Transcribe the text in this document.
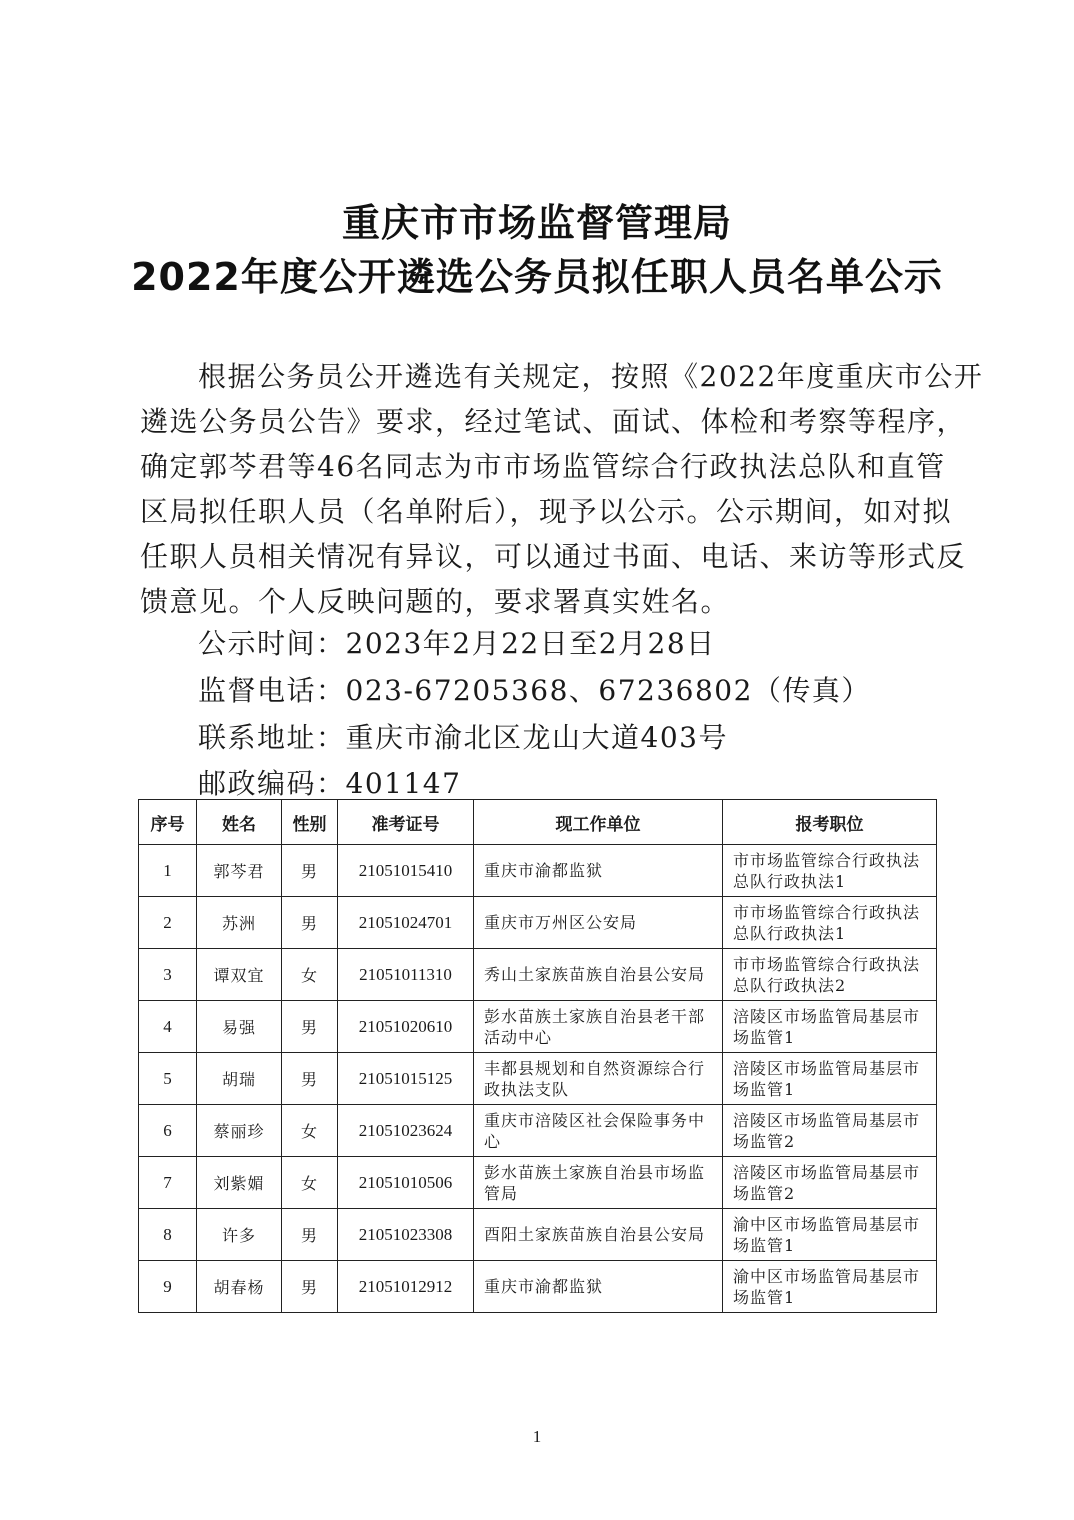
重庆市市场监督管理局
2022年度公开遴选公务员拟任职人员名单公示
根据公务员公开遴选有关规定，按照《2022年度重庆市公开
遴选公务员公告》要求，经过笔试、面试、体检和考察等程序，
确定郭芩君等46名同志为市市场监管综合行政执法总队和直管
区局拟任职人员（名单附后），现予以公示。公示期间，如对拟
任职人员相关情况有异议，可以通过书面、电话、来访等形式反
馈意见。个人反映问题的，要求署真实姓名。
公示时间：2023年2月22日至2月28日
监督电话：023-67205368、67236802（传真）
联系地址：重庆市渝北区龙山大道403号
邮政编码：401147
序号	姓名	性别	准考证号	现工作单位	报考职位
1	郭芩君	男	21051015410	重庆市渝都监狱	市市场监管综合行政执法总队行政执法1
2	苏洲	男	21051024701	重庆市万州区公安局	市市场监管综合行政执法总队行政执法1
3	谭双宜	女	21051011310	秀山土家族苗族自治县公安局	市市场监管综合行政执法总队行政执法2
4	易强	男	21051020610	彭水苗族土家族自治县老干部活动中心	涪陵区市场监管局基层市场监管1
5	胡瑞	男	21051015125	丰都县规划和自然资源综合行政执法支队	涪陵区市场监管局基层市场监管1
6	蔡丽珍	女	21051023624	重庆市涪陵区社会保险事务中心	涪陵区市场监管局基层市场监管2
7	刘紫媚	女	21051010506	彭水苗族土家族自治县市场监管局	涪陵区市场监管局基层市场监管2
8	许多	男	21051023308	酉阳土家族苗族自治县公安局	渝中区市场监管局基层市场监管1
9	胡春杨	男	21051012912	重庆市渝都监狱	渝中区市场监管局基层市场监管1
1
